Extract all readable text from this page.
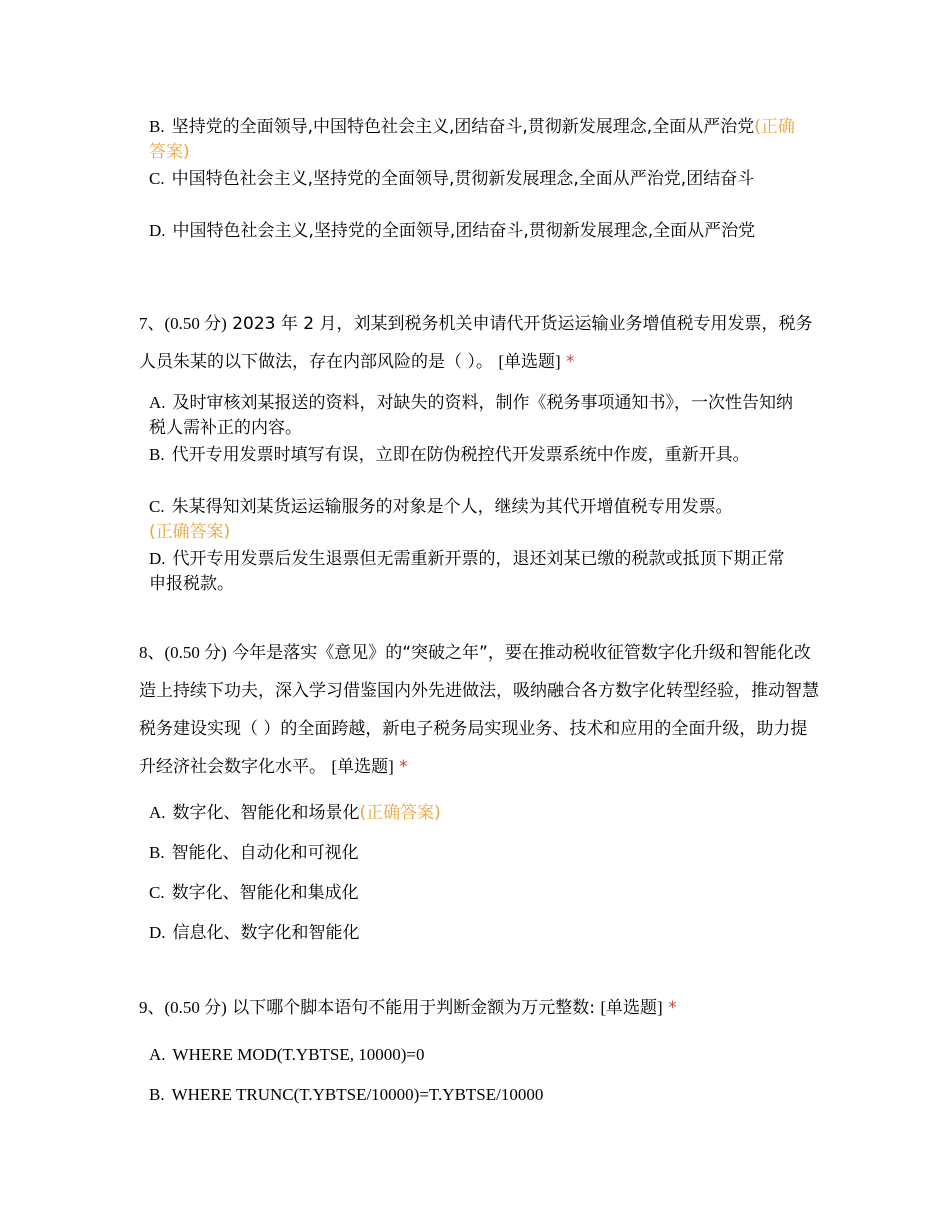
B. 坚持党的全面领导,中国特色社会主义,团结奋斗,贯彻新发展理念,全面从严治党(正确答案)
C. 中国特色社会主义,坚持党的全面领导,贯彻新发展理念,全面从严治党,团结奋斗
D. 中国特色社会主义,坚持党的全面领导,团结奋斗,贯彻新发展理念,全面从严治党
7、(0.50 分) 2023 年 2 月，刘某到税务机关申请代开货运运输业务增值税专用发票，税务人员朱某的以下做法，存在内部风险的是（ ）。 [单选题] *
A. 及时审核刘某报送的资料，对缺失的资料，制作《税务事项通知书》，一次性告知纳税人需补正的内容。
B. 代开专用发票时填写有误，立即在防伪税控代开发票系统中作废，重新开具。
C. 朱某得知刘某货运运输服务的对象是个人，继续为其代开增值税专用发票。
(正确答案)
D. 代开专用发票后发生退票但无需重新开票的，退还刘某已缴的税款或抵顶下期正常申报税款。
8、(0.50 分) 今年是落实《意见》的“突破之年”，要在推动税收征管数字化升级和智能化改造上持续下功夫，深入学习借鉴国内外先进做法，吸纳融合各方数字化转型经验，推动智慧税务建设实现（ ）的全面跨越，新电子税务局实现业务、技术和应用的全面升级，助力提升经济社会数字化水平。 [单选题] *
A. 数字化、智能化和场景化(正确答案)
B. 智能化、自动化和可视化
C. 数字化、智能化和集成化
D. 信息化、数字化和智能化
9、(0.50 分) 以下哪个脚本语句不能用于判断金额为万元整数: [单选题] *
A. WHERE MOD(T.YBTSE, 10000)=0
B. WHERE TRUNC(T.YBTSE/10000)=T.YBTSE/10000
